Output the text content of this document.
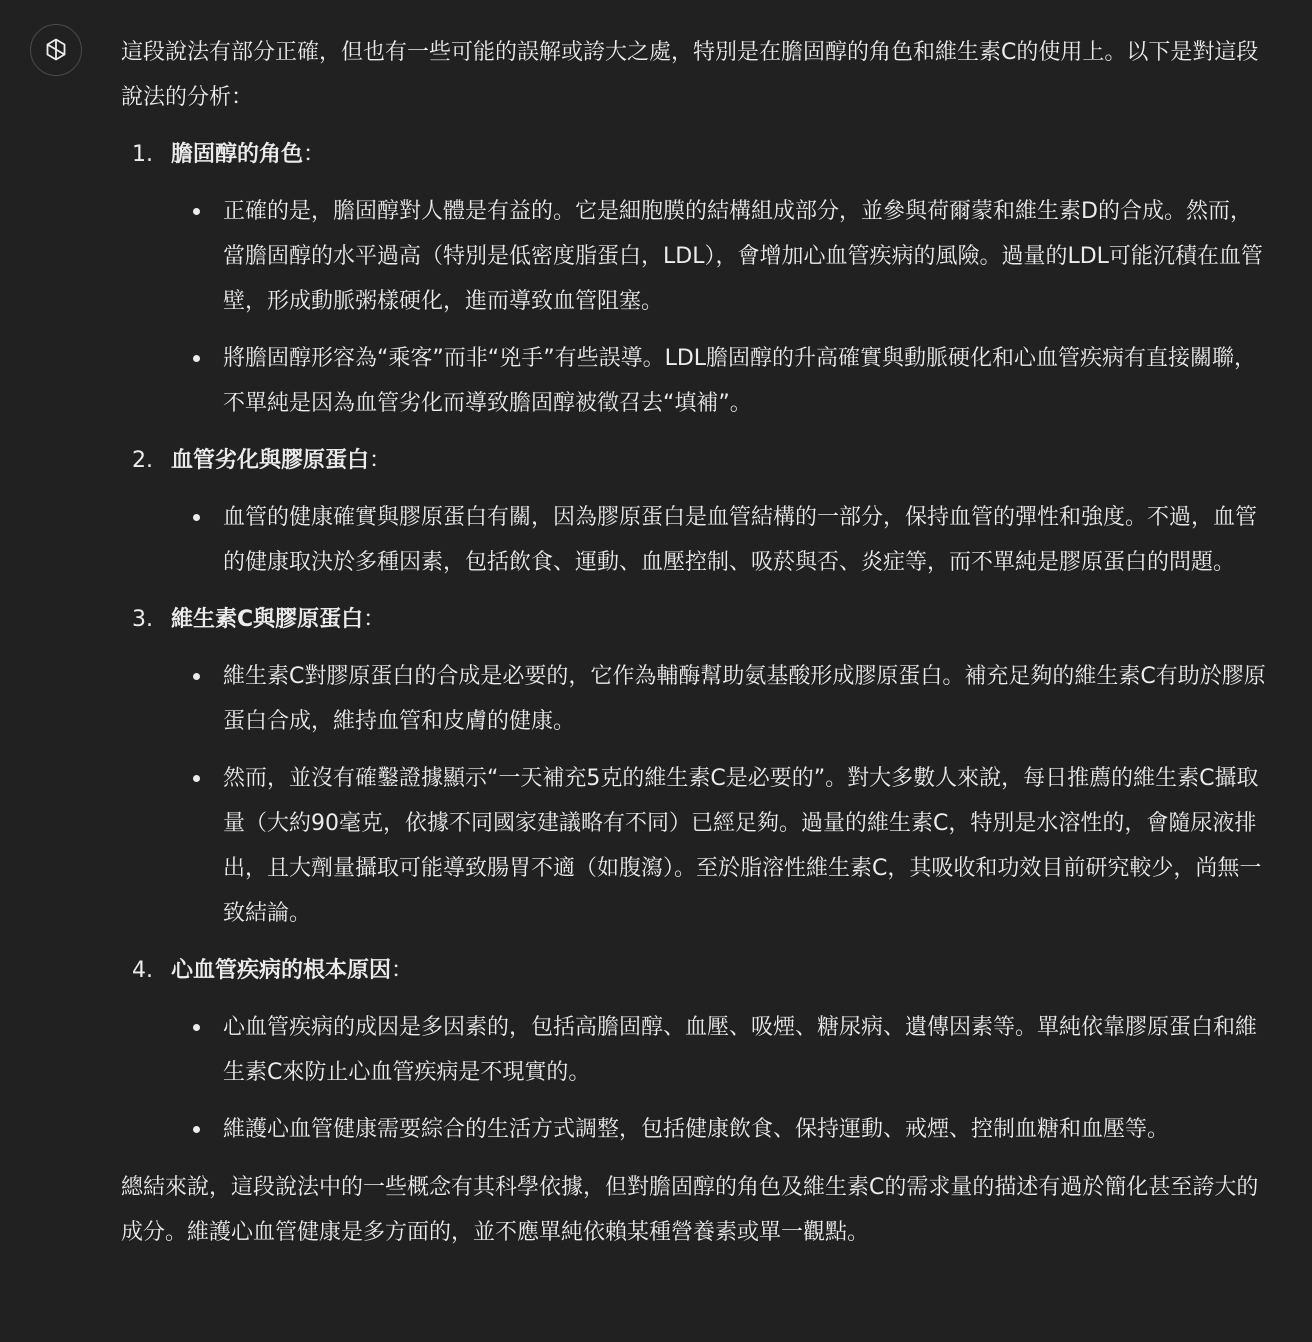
這段說法有部分正確，但也有一些可能的誤解或誇大之處，特別是在膽固醇的角色和維生素C的使用上。以下是對這段說法的分析：

1. 膽固醇的角色：

正確的是，膽固醇對人體是有益的。它是細胞膜的結構組成部分，並參與荷爾蒙和維生素D的合成。然而，當膽固醇的水平過高（特別是低密度脂蛋白，LDL），會增加心血管疾病的風險。過量的LDL可能沉積在血管壁，形成動脈粥樣硬化，進而導致血管阻塞。
將膽固醇形容為“乘客”而非“兇手”有些誤導。LDL膽固醇的升高確實與動脈硬化和心血管疾病有直接關聯，不單純是因為血管劣化而導致膽固醇被徵召去“填補”。

2. 血管劣化與膠原蛋白：

血管的健康確實與膠原蛋白有關，因為膠原蛋白是血管結構的一部分，保持血管的彈性和強度。不過，血管的健康取決於多種因素，包括飲食、運動、血壓控制、吸菸與否、炎症等，而不單純是膠原蛋白的問題。

3. 維生素C與膠原蛋白：

維生素C對膠原蛋白的合成是必要的，它作為輔酶幫助氨基酸形成膠原蛋白。補充足夠的維生素C有助於膠原蛋白合成，維持血管和皮膚的健康。
然而，並沒有確鑿證據顯示“一天補充5克的維生素C是必要的”。對大多數人來說，每日推薦的維生素C攝取量（大約90毫克，依據不同國家建議略有不同）已經足夠。過量的維生素C，特別是水溶性的，會隨尿液排出，且大劑量攝取可能導致腸胃不適（如腹瀉）。至於脂溶性維生素C，其吸收和功效目前研究較少，尚無一致結論。

4. 心血管疾病的根本原因：

心血管疾病的成因是多因素的，包括高膽固醇、血壓、吸煙、糖尿病、遺傳因素等。單純依靠膠原蛋白和維生素C來防止心血管疾病是不現實的。
維護心血管健康需要綜合的生活方式調整，包括健康飲食、保持運動、戒煙、控制血糖和血壓等。

總結來說，這段說法中的一些概念有其科學依據，但對膽固醇的角色及維生素C的需求量的描述有過於簡化甚至誇大的成分。維護心血管健康是多方面的，並不應單純依賴某種營養素或單一觀點。
